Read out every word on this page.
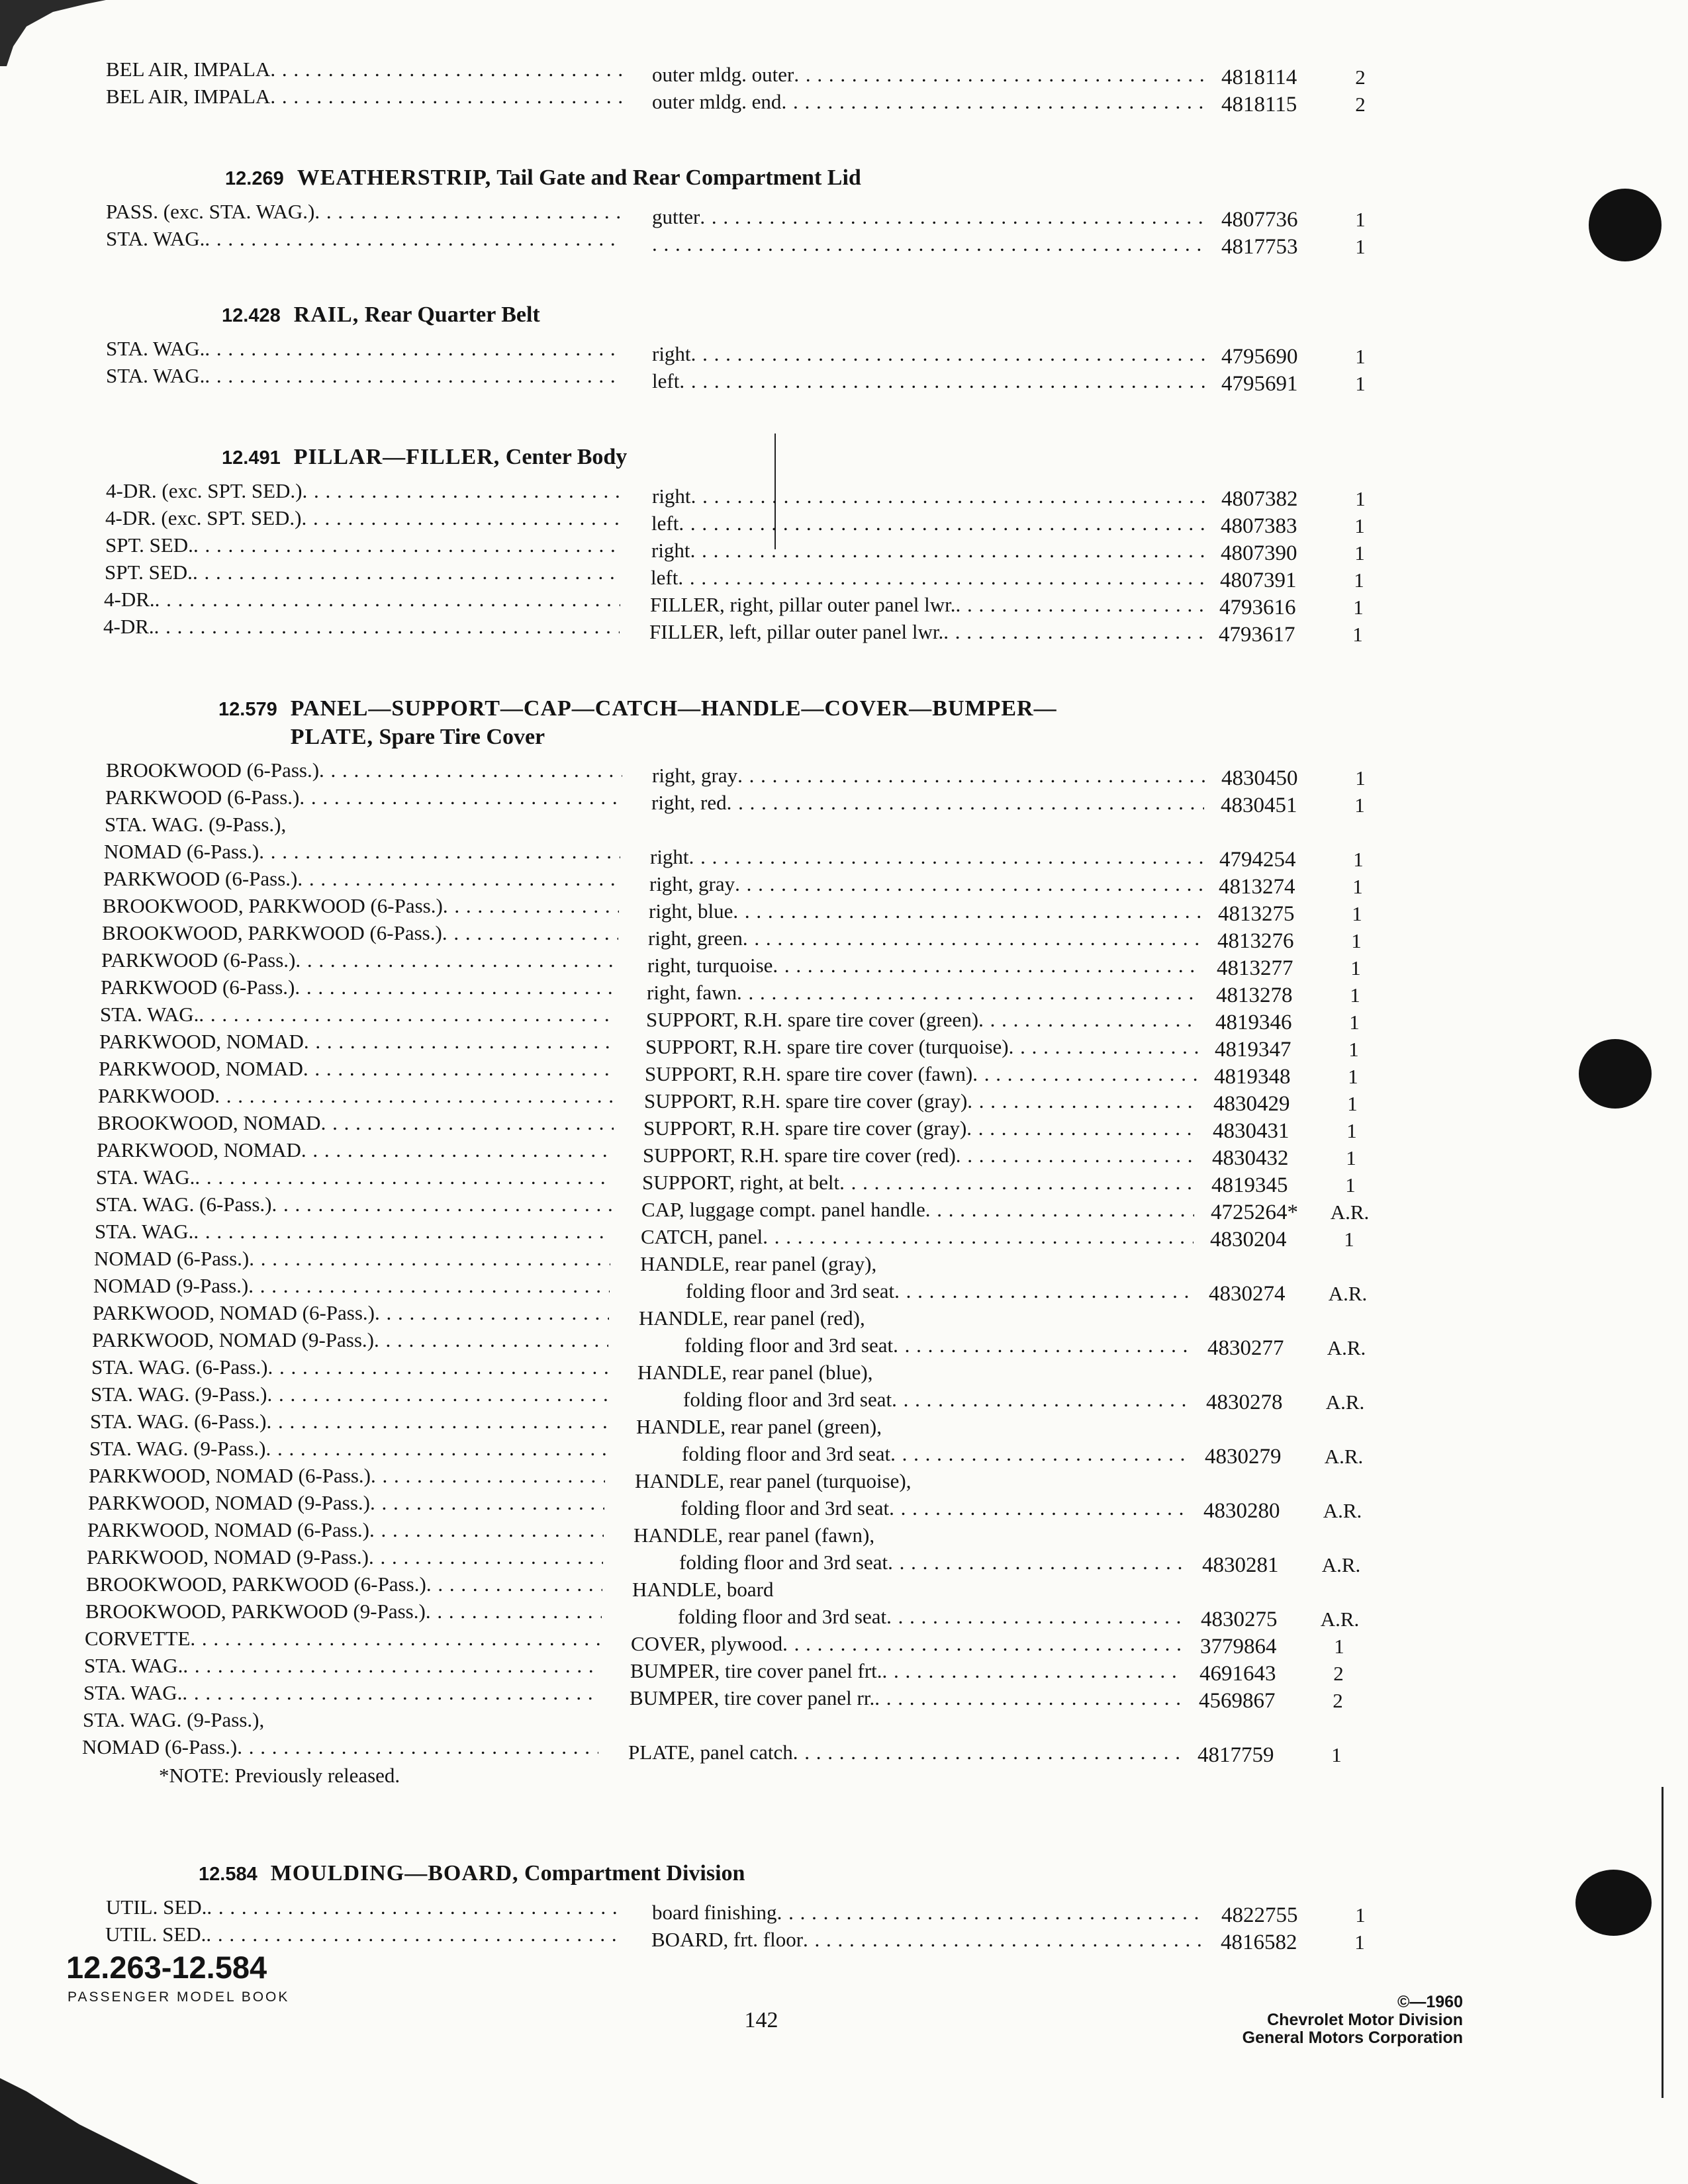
BEL AIR, IMPALA . . .	outer mldg. outer . . .	4818114	2
BEL AIR, IMPALA . . .	outer mldg. end . . .	4818115	2
12.269 WEATHERSTRIP, Tail Gate and Rear Compartment Lid
PASS. (exc. STA. WAG.) . . .	gutter . . .	4807736	1
STA. WAG. . . . . . .	4817753	1
12.428 RAIL, Rear Quarter Belt
STA. WAG. . . .	right . . .	4795690	1
STA. WAG. . . .	left . . .	4795691	1
12.491 PILLAR—FILLER, Center Body
4-DR. (exc. SPT. SED.) . . .	right . . .	4807382	1
4-DR. (exc. SPT. SED.) . . .	left . . .	4807383	1
SPT. SED. . . .	right . . .	4807390	1
SPT. SED. . . .	left . . .	4807391	1
4-DR. . . .	FILLER, right, pillar outer panel lwr. . . .	4793616	1
4-DR. . . .	FILLER, left, pillar outer panel lwr. . . .	4793617	1
12.579 PANEL—SUPPORT—CAP—CATCH—HANDLE—COVER—BUMPER—
PLATE, Spare Tire Cover
BROOKWOOD (6-Pass.) . . .	right, gray . . .	4830450	1
PARKWOOD (6-Pass.) . . .	right, red . . .	4830451	1
STA. WAG. (9-Pass.),
NOMAD (6-Pass.) . . .	right . . .	4794254	1
PARKWOOD (6-Pass.) . . .	right, gray . . .	4813274	1
BROOKWOOD, PARKWOOD (6-Pass.) . . .	right, blue . . .	4813275	1
BROOKWOOD, PARKWOOD (6-Pass.) . . .	right, green . . .	4813276	1
PARKWOOD (6-Pass.) . . .	right, turquoise . . .	4813277	1
PARKWOOD (6-Pass.) . . .	right, fawn . . .	4813278	1
STA. WAG. . . .	SUPPORT, R.H. spare tire cover (green) . . .	4819346	1
PARKWOOD, NOMAD . . .	SUPPORT, R.H. spare tire cover (turquoise) . . .	4819347	1
PARKWOOD, NOMAD . . .	SUPPORT, R.H. spare tire cover (fawn) . . .	4819348	1
PARKWOOD . . .	SUPPORT, R.H. spare tire cover (gray) . . .	4830429	1
BROOKWOOD, NOMAD . . .	SUPPORT, R.H. spare tire cover (gray) . . .	4830431	1
PARKWOOD, NOMAD . . .	SUPPORT, R.H. spare tire cover (red) . . .	4830432	1
STA. WAG. . . .	SUPPORT, right, at belt . . .	4819345	1
STA. WAG. (6-Pass.) . . .	CAP, luggage compt. panel handle . . .	4725264*	A.R.
STA. WAG. . . .	CATCH, panel . . .	4830204	1
NOMAD (6-Pass.) . . .	HANDLE, rear panel (gray),
NOMAD (9-Pass.) . . .	folding floor and 3rd seat . . .	4830274	A.R.
PARKWOOD, NOMAD (6-Pass.) . . .	HANDLE, rear panel (red),
PARKWOOD, NOMAD (9-Pass.) . . .	folding floor and 3rd seat . . .	4830277	A.R.
STA. WAG. (6-Pass.) . . .	HANDLE, rear panel (blue),
STA. WAG. (9-Pass.) . . .	folding floor and 3rd seat . . .	4830278	A.R.
STA. WAG. (6-Pass.) . . .	HANDLE, rear panel (green),
STA. WAG. (9-Pass.) . . .	folding floor and 3rd seat . . .	4830279	A.R.
PARKWOOD, NOMAD (6-Pass.) . . .	HANDLE, rear panel (turquoise),
PARKWOOD, NOMAD (9-Pass.) . . .	folding floor and 3rd seat . . .	4830280	A.R.
PARKWOOD, NOMAD (6-Pass.) . . .	HANDLE, rear panel (fawn),
PARKWOOD, NOMAD (9-Pass.) . . .	folding floor and 3rd seat . . .	4830281	A.R.
BROOKWOOD, PARKWOOD (6-Pass.) . . .	HANDLE, board
BROOKWOOD, PARKWOOD (9-Pass.) . . .	folding floor and 3rd seat . . .	4830275	A.R.
CORVETTE . . .	COVER, plywood . . .	3779864	1
STA. WAG. . . .	BUMPER, tire cover panel frt. . . .	4691643	2
STA. WAG. . . .	BUMPER, tire cover panel rr. . . .	4569867	2
STA. WAG. (9-Pass.),
NOMAD (6-Pass.) . . .	PLATE, panel catch . . .	4817759	1
*NOTE: Previously released.
12.584 MOULDING—BOARD, Compartment Division
UTIL. SED. . . .	board finishing . . .	4822755	1
UTIL. SED. . . .	BOARD, frt. floor . . .	4816582	1
12.263-12.584
PASSENGER MODEL BOOK
142
©—1960
Chevrolet Motor Division
General Motors Corporation
